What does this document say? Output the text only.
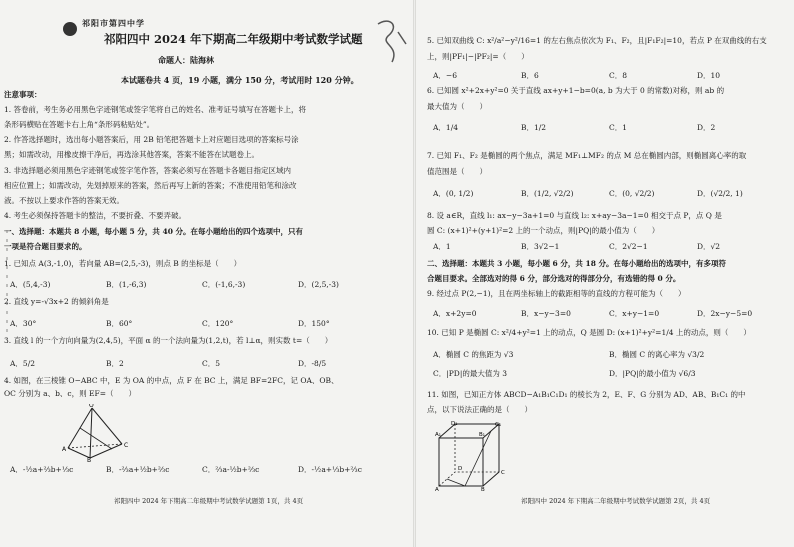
祁阳市第四中学
祁阳四中 2024 年下期高二年级期中考试数学试题
命题人：陆海林
本试题卷共 4 页，19 小题，满分 150 分，考试用时 120 分钟。
注意事项：
1. 答卷前，考生务必用黑色字迹钢笔或签字笔将自己的姓名、准考证号填写在答题卡上，将
条形码横贴在答题卡右上角“条形码粘贴处”。
2. 作答选择题时，选出每小题答案后，用 2B 铅笔把答题卡上对应题目选项的答案标号涂
黑；如需改动，用橡皮擦干净后，再选涂其他答案，答案不能答在试题卷上。
3. 非选择题必须用黑色字迹钢笔或签字笔作答，答案必须写在答题卡各题目指定区域内
相应位置上；如需改动，先划掉原来的答案，然后再写上新的答案；不准使用铅笔和涂改
液。不按以上要求作答的答案无效。
4. 考生必须保持答题卡的整洁，不要折叠、不要弄破。
一、选择题：本题共 8 小题，每小题 5 分，共 40 分。在每小题给出的四个选项中，只有
一项是符合题目要求的。
1. 已知点 A(3,-1,0)，若向量 AB=(2,5,-3)，则点 B 的坐标是（　　）
A．(5,4,-3)	B．(1,-6,3)	C．(-1,6,-3)	D．(2,5,-3)
2. 直线 y=-√3x+2 的倾斜角是
A．30°	B．60°	C．120°	D．150°
3. 直线 l 的一个方向向量为(2,4,5)，平面 α 的一个法向量为(1,2,t)，若 l⊥α，则实数 t=（　　）
A．5/2	B．2	C．5	D．-8/5
4. 如图，在三棱锥 O−ABC 中，E 为 OA 的中点，点 F 在 BC 上，满足 BF=2FC，记 OA、OB、
OC 分别为 a、b、c，则 EF=（　　）
O
A
C
B
A．-½a+⅔b+⅓c	B．-⅔a+½b+⅔c	C．⅔a-½b+⅔c	D．-½a+⅓b+⅔c
祁阳四中 2024 年下期高二年级期中考试数学试题第 1页，共 4页
5. 已知双曲线 C: x²/a²−y²/16=1 的左右焦点依次为 F₁、F₂，且|F₁F₂|=10，若点 P 在双曲线的右支
上，则|PF₁|−|PF₂|=（　　）
A．−6	B．6	C．8	D．10
6. 已知圆 x²+2x+y²=0 关于直线 ax+y+1−b=0(a, b 为大于 0 的常数)对称，则 ab 的
最大值为（　　）
A．1/4	B．1/2	C．1	D．2
7. 已知 F₁、F₂ 是椭圆的两个焦点，满足 MF₁⊥MF₂ 的点 M 总在椭圆内部，则椭圆离心率的取
值范围是（　　）
A．(0, 1/2)	B．(1/2, √2/2)	C．(0, √2/2)	D．(√2/2, 1)
8. 设 a∈R，直线 l₁: ax−y−3a+1=0 与直线 l₂: x+ay−3a−1=0 相交于点 P，点 Q 是
圆 C: (x+1)²+(y+1)²=2 上的一个动点，则|PQ|的最小值为（　　）
A．1	B．3√2−1	C．2√2−1	D．√2
二、选择题：本题共 3 小题，每小题 6 分，共 18 分。在每小题给出的选项中，有多项符
合题目要求。全部选对的得 6 分，部分选对的得部分分，有选错的得 0 分。
9. 经过点 P(2,−1)，且在两坐标轴上的截距相等的直线的方程可能为（　　）
A．x+2y=0	B．x−y−3=0	C．x+y−1=0	D．2x−y−5=0
10. 已知 P 是椭圆 C: x²/4+y²=1 上的动点，Q 是圆 D: (x+1)²+y²=1/4 上的动点，则（　　）
A．椭圆 C 的焦距为 √3	B．椭圆 C 的离心率为 √3/2
C．|PD|的最大值为 3	D．|PQ|的最小值为 √6/3
11. 如图，已知正方体 ABCD−A₁B₁C₁D₁ 的棱长为 2，E、F、G 分别为 AD、AB、B₁C₁ 的中
点，以下说法正确的是（　　）
D₁	C₁
A₁	B₁
A	B
C
D
祁阳四中 2024 年下期高二年级期中考试数学试题第 2页，共 4页
